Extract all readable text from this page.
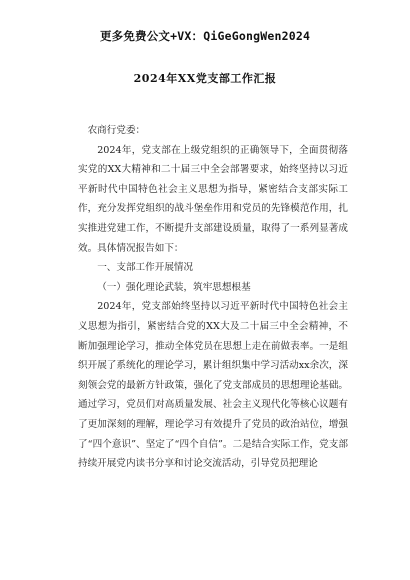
更多免费公文+VX：QiGeGongWen2024
2024年XX党支部工作汇报

农商行党委：

2024年，党支部在上级党组织的正确领导下，全面贯彻落实党的XX大精神和二十届三中全会部署要求，始终坚持以习近平新时代中国特色社会主义思想为指导，紧密结合支部实际工作，充分发挥党组织的战斗堡垒作用和党员的先锋模范作用，扎实推进党建工作，不断提升支部建设质量，取得了一系列显著成效。具体情况报告如下：

一、支部工作开展情况

（一）强化理论武装，筑牢思想根基

2024年，党支部始终坚持以习近平新时代中国特色社会主义思想为指引，紧密结合党的XX大及二十届三中全会精神，不断加强理论学习，推动全体党员在思想上走在前做表率。一是组织开展了系统化的理论学习，累计组织集中学习活动xx余次，深刻领会党的最新方针政策，强化了党支部成员的思想理论基础。通过学习，党员们对高质量发展、社会主义现代化等核心议题有了更加深刻的理解，理论学习有效提升了党员的政治站位，增强了“四个意识”、坚定了“四个自信”。二是结合实际工作，党支部持续开展党内读书分享和讨论交流活动，引导党员把理论
